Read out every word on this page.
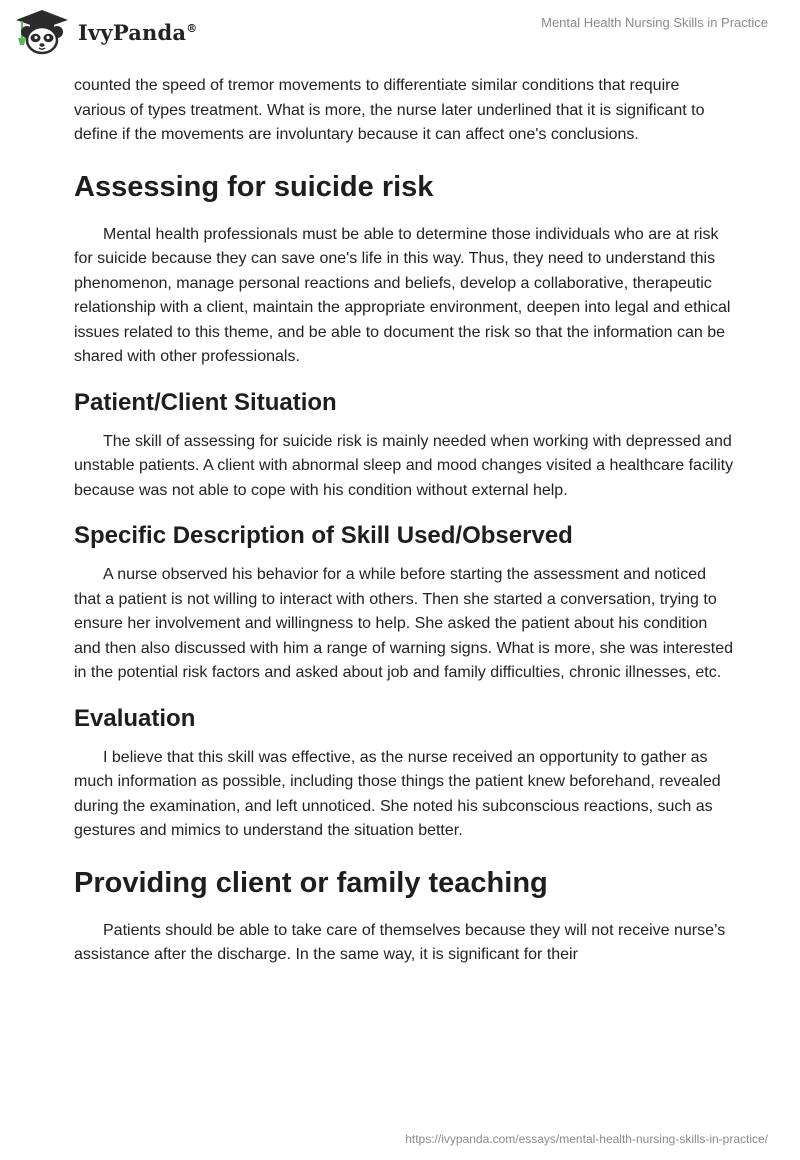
IvyPanda®	Mental Health Nursing Skills in Practice

counted the speed of tremor movements to differentiate similar conditions that require various of types treatment. What is more, the nurse later underlined that it is significant to define if the movements are involuntary because it can affect one's conclusions.

Assessing for suicide risk

Mental health professionals must be able to determine those individuals who are at risk for suicide because they can save one's life in this way. Thus, they need to understand this phenomenon, manage personal reactions and beliefs, develop a collaborative, therapeutic relationship with a client, maintain the appropriate environment, deepen into legal and ethical issues related to this theme, and be able to document the risk so that the information can be shared with other professionals.

Patient/Client Situation

The skill of assessing for suicide risk is mainly needed when working with depressed and unstable patients. A client with abnormal sleep and mood changes visited a healthcare facility because was not able to cope with his condition without external help.

Specific Description of Skill Used/Observed

A nurse observed his behavior for a while before starting the assessment and noticed that a patient is not willing to interact with others. Then she started a conversation, trying to ensure her involvement and willingness to help. She asked the patient about his condition and then also discussed with him a range of warning signs. What is more, she was interested in the potential risk factors and asked about job and family difficulties, chronic illnesses, etc.

Evaluation

I believe that this skill was effective, as the nurse received an opportunity to gather as much information as possible, including those things the patient knew beforehand, revealed during the examination, and left unnoticed. She noted his subconscious reactions, such as gestures and mimics to understand the situation better.

Providing client or family teaching

Patients should be able to take care of themselves because they will not receive nurse’s assistance after the discharge. In the same way, it is significant for their

https://ivypanda.com/essays/mental-health-nursing-skills-in-practice/
